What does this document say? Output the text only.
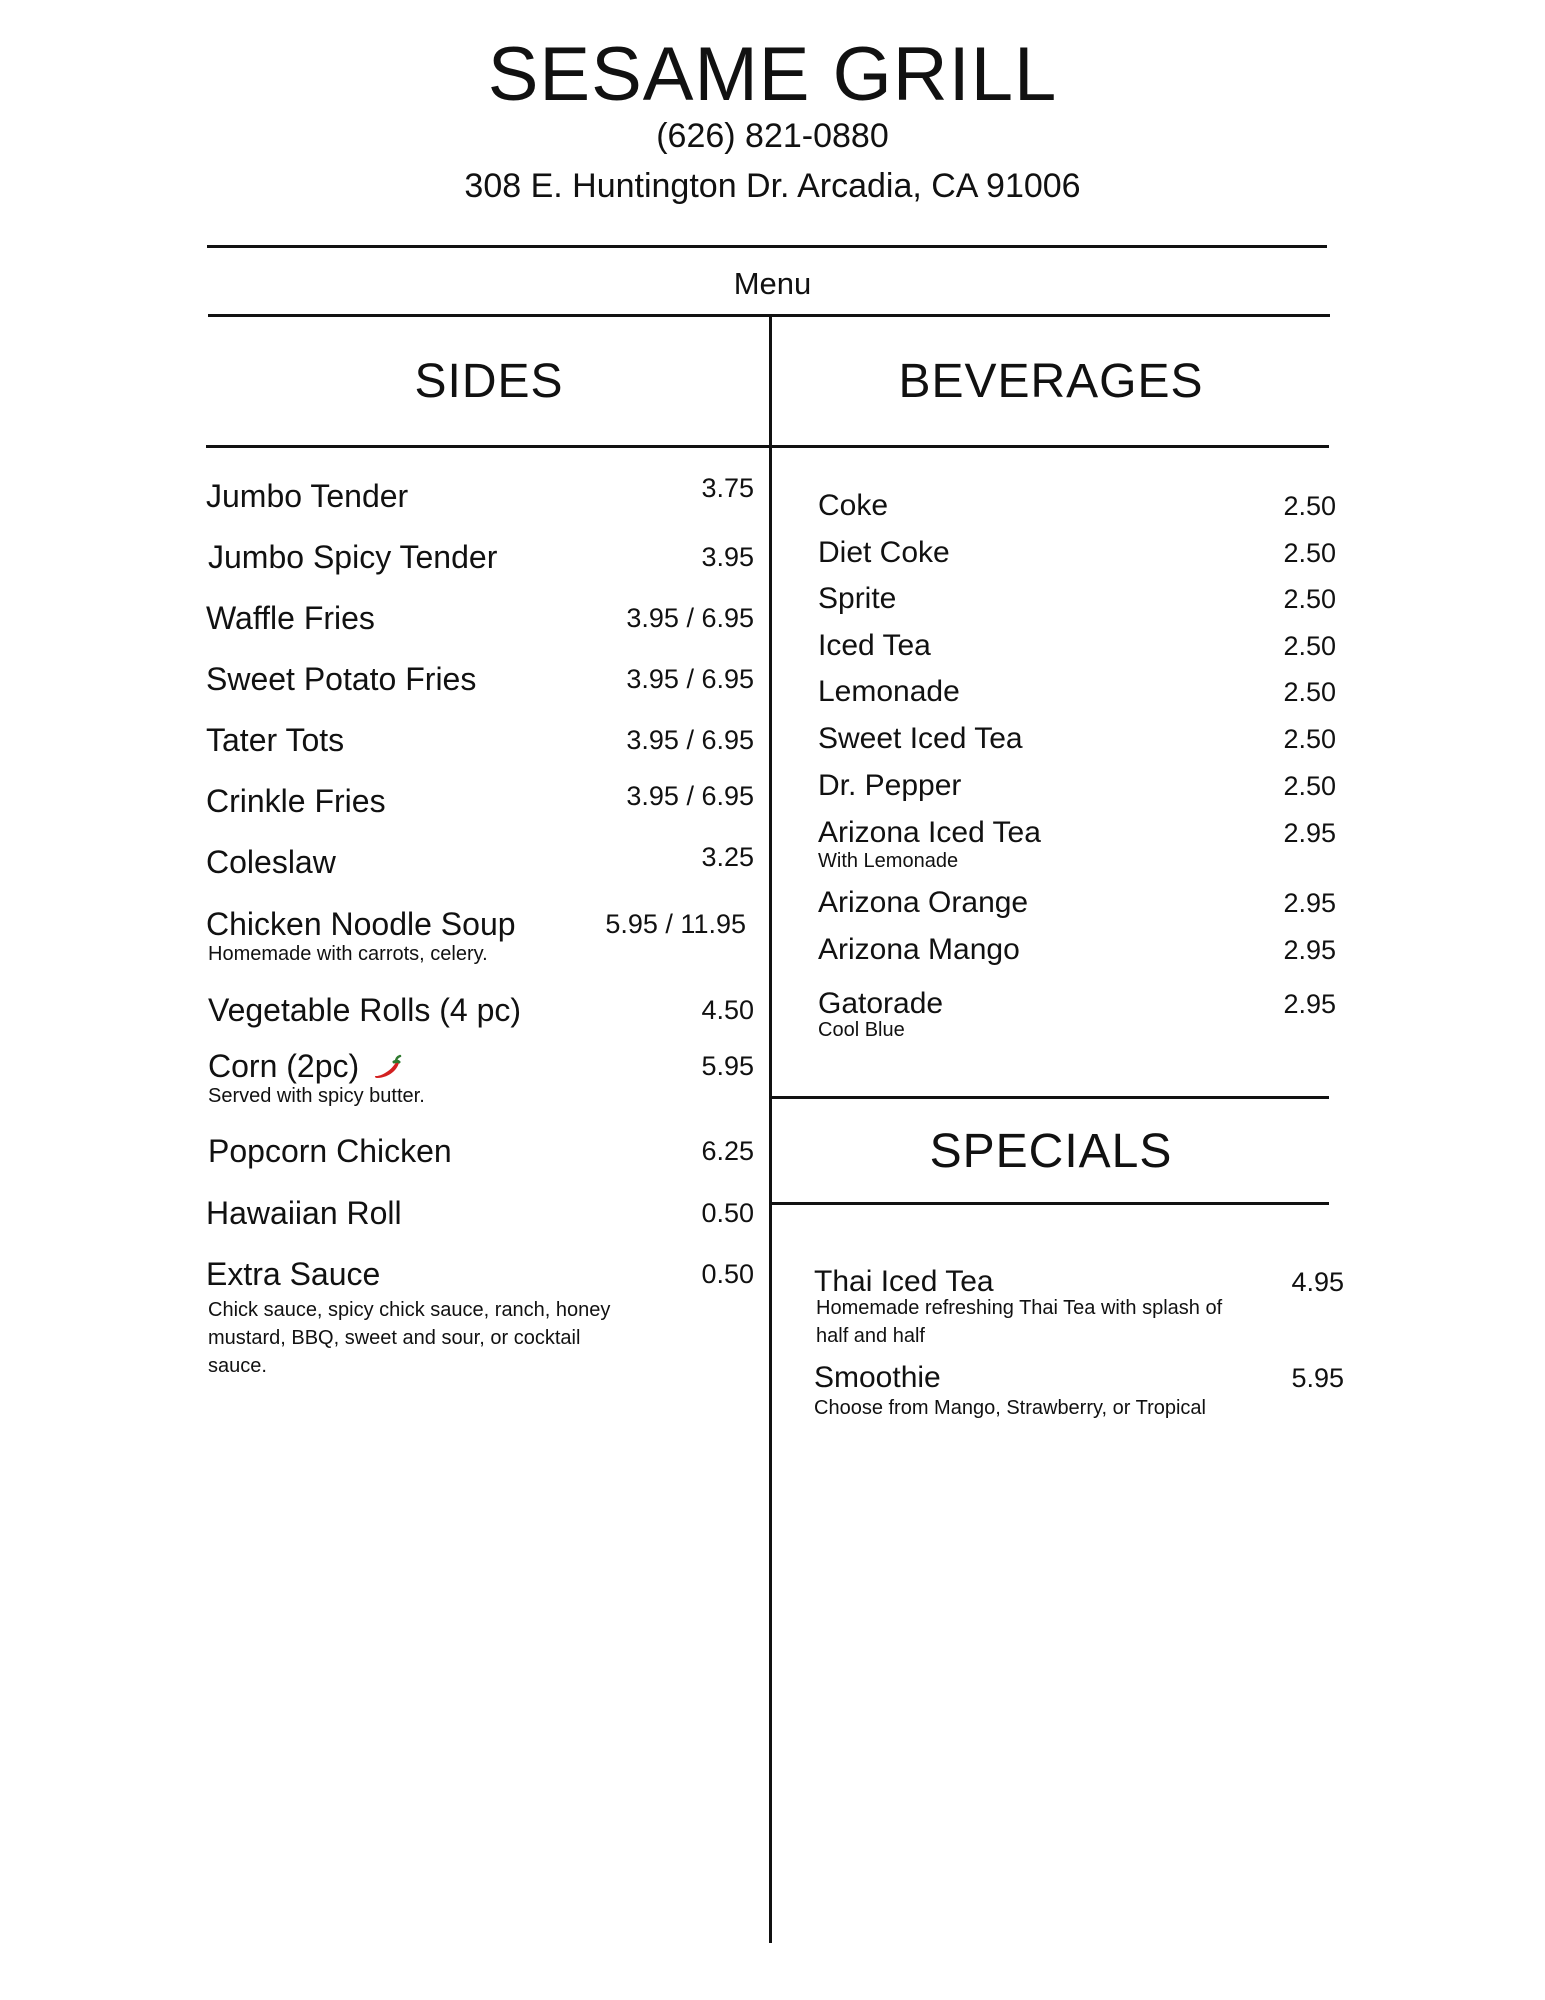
SESAME GRILL
(626) 821-0880
308 E. Huntington Dr. Arcadia, CA 91006
Menu
SIDES	BEVERAGES
Jumbo Tender	3.75
Jumbo Spicy Tender	3.95
Waffle Fries	3.95 / 6.95
Sweet Potato Fries	3.95 / 6.95
Tater Tots	3.95 / 6.95
Crinkle Fries	3.95 / 6.95
Coleslaw	3.25
Chicken Noodle Soup	5.95 / 11.95
Homemade with carrots, celery.
Vegetable Rolls (4 pc)	4.50
Corn (2pc)	5.95
Served with spicy butter.
Popcorn Chicken	6.25
Hawaiian Roll	0.50
Extra Sauce	0.50
Chick sauce, spicy chick sauce, ranch, honey mustard, BBQ, sweet and sour, or cocktail sauce.
Coke	2.50
Diet Coke	2.50
Sprite	2.50
Iced Tea	2.50
Lemonade	2.50
Sweet Iced Tea	2.50
Dr. Pepper	2.50
Arizona Iced Tea	2.95
With Lemonade
Arizona Orange	2.95
Arizona Mango	2.95
Gatorade	2.95
Cool Blue
SPECIALS
Thai Iced Tea	4.95
Homemade refreshing Thai Tea with splash of half and half
Smoothie	5.95
Choose from Mango, Strawberry, or Tropical
